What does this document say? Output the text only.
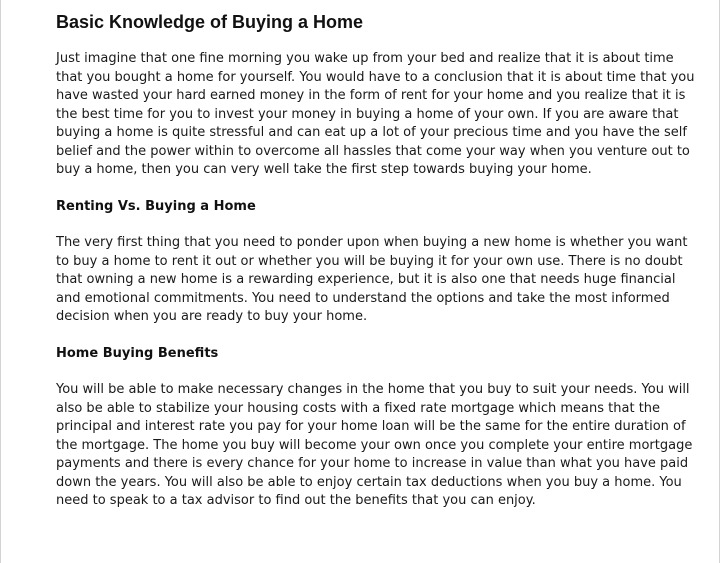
Basic Knowledge of Buying a Home

Just imagine that one fine morning you wake up from your bed and realize that it is about time that you bought a home for yourself. You would have to a conclusion that it is about time that you have wasted your hard earned money in the form of rent for your home and you realize that it is the best time for you to invest your money in buying a home of your own. If you are aware that buying a home is quite stressful and can eat up a lot of your precious time and you have the self belief and the power within to overcome all hassles that come your way when you venture out to buy a home, then you can very well take the first step towards buying your home.

Renting Vs. Buying a Home

The very first thing that you need to ponder upon when buying a new home is whether you want to buy a home to rent it out or whether you will be buying it for your own use. There is no doubt that owning a new home is a rewarding experience, but it is also one that needs huge financial and emotional commitments. You need to understand the options and take the most informed decision when you are ready to buy your home.

Home Buying Benefits

You will be able to make necessary changes in the home that you buy to suit your needs. You will also be able to stabilize your housing costs with a fixed rate mortgage which means that the principal and interest rate you pay for your home loan will be the same for the entire duration of the mortgage. The home you buy will become your own once you complete your entire mortgage payments and there is every chance for your home to increase in value than what you have paid down the years. You will also be able to enjoy certain tax deductions when you buy a home. You need to speak to a tax advisor to find out the benefits that you can enjoy.
